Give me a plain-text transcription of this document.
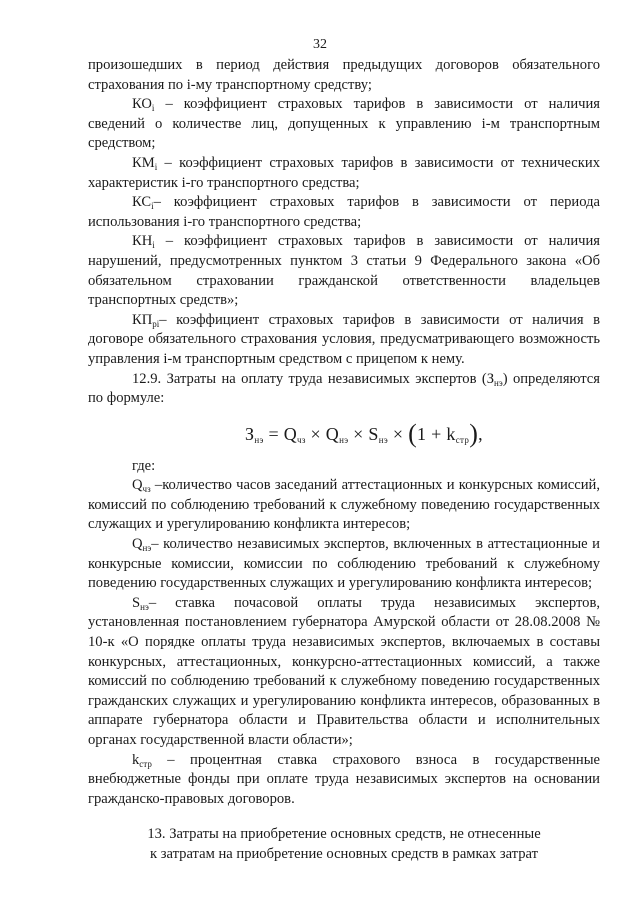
32

произошедших в период действия предыдущих договоров обязательного страхования по i-му транспортному средству;

$КО_i$ – коэффициент страховых тарифов в зависимости от наличия сведений о количестве лиц, допущенных к управлению i-м транспортным средством;

$КМ_i$ – коэффициент страховых тарифов в зависимости от технических характеристик i-го транспортного средства;

$КС_i-$ коэффициент страховых тарифов в зависимости от периода использования i-го транспортного средства;

$КН_i$ – коэффициент страховых тарифов в зависимости от наличия нарушений, предусмотренных пунктом 3 статьи 9 Федерального закона «Об обязательном страховании гражданской ответственности владельцев транспортных средств»;

$КП_{рi}-$ коэффициент страховых тарифов в зависимости от наличия в договоре обязательного страхования условия, предусматривающего возможность управления i-м транспортным средством с прицепом к нему.

12.9. Затраты на оплату труда независимых экспертов $(З_{нэ})$ определяются по формуле:

$З_{нэ} = Q_{чз} \times Q_{нэ} \times S_{нэ} \times (1 + k_{стр})$,

где:

$Q_{чз}$ –количество часов заседаний аттестационных и конкурсных комиссий, комиссий по соблюдению требований к служебному поведению государственных служащих и урегулированию конфликта интересов;

$Q_{нэ}-$ количество независимых экспертов, включенных в аттестационные и конкурсные комиссии, комиссии по соблюдению требований к служебному поведению государственных служащих и урегулированию конфликта интересов;

$S_{нэ}-$ ставка почасовой оплаты труда независимых экспертов, установленная постановлением губернатора Амурской области от 28.08.2008 № 10-к «О порядке оплаты труда независимых экспертов, включаемых в составы конкурсных, аттестационных, конкурсно-аттестационных комиссий, а также комиссий по соблюдению требований к служебному поведению государственных гражданских служащих и урегулированию конфликта интересов, образованных в аппарате губернатора области и Правительства области и исполнительных органах государственной власти области»;

$k_{стр}$ – процентная ставка страхового взноса в государственные внебюджетные фонды при оплате труда независимых экспертов на основании гражданско-правовых договоров.

13. Затраты на приобретение основных средств, не отнесенные
к затратам на приобретение основных средств в рамках затрат
